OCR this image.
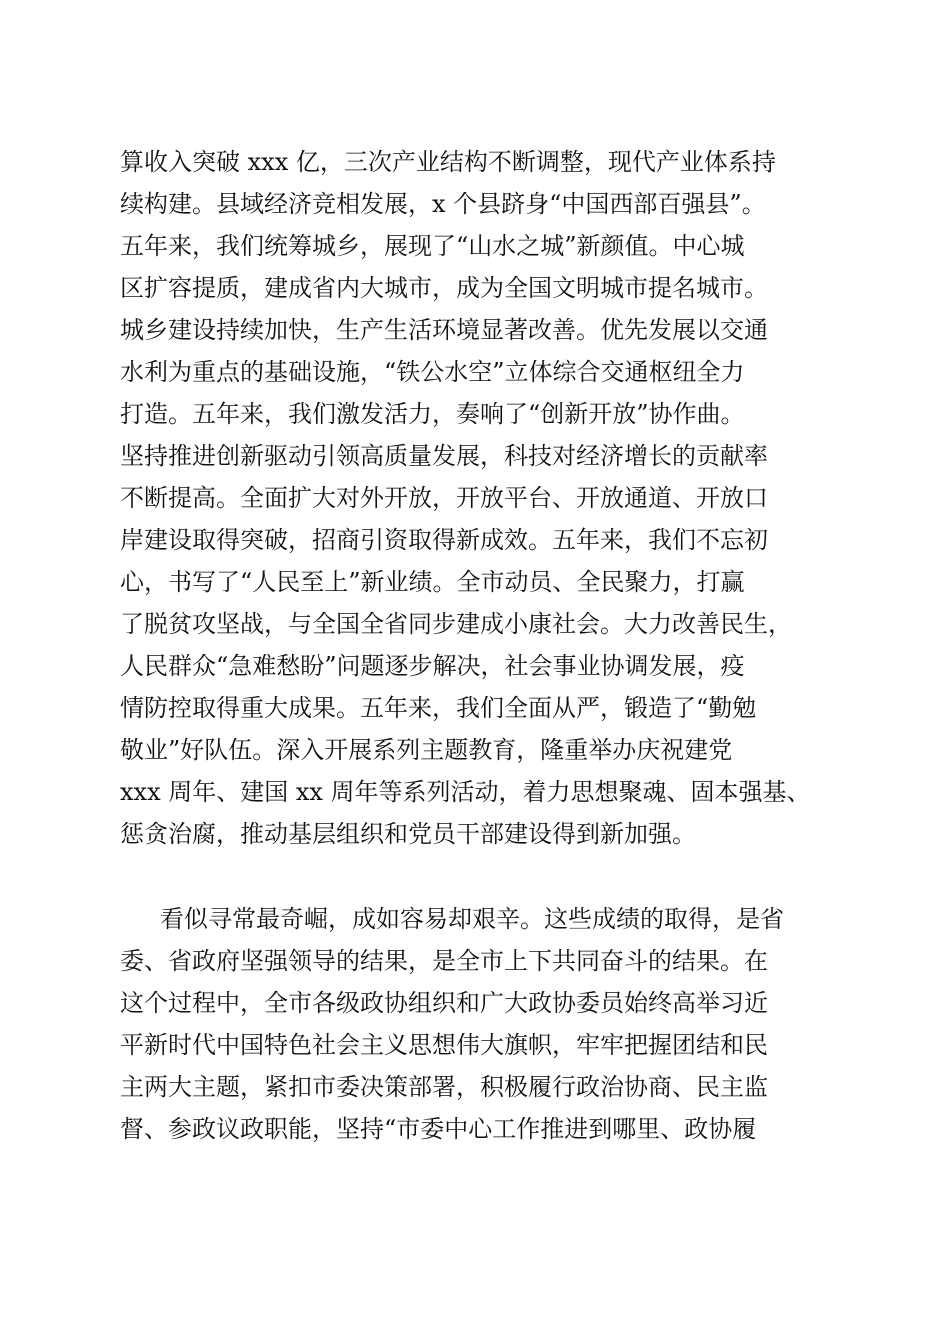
算收入突破 xxx 亿，三次产业结构不断调整，现代产业体系持
续构建。县域经济竞相发展，x 个县跻身“中国西部百强县”。
五年来，我们统筹城乡，展现了“山水之城”新颜值。中心城
区扩容提质，建成省内大城市，成为全国文明城市提名城市。
城乡建设持续加快，生产生活环境显著改善。优先发展以交通
水利为重点的基础设施，“铁公水空”立体综合交通枢纽全力
打造。五年来，我们激发活力，奏响了“创新开放”协作曲。
坚持推进创新驱动引领高质量发展，科技对经济增长的贡献率
不断提高。全面扩大对外开放，开放平台、开放通道、开放口
岸建设取得突破，招商引资取得新成效。五年来，我们不忘初
心，书写了“人民至上”新业绩。全市动员、全民聚力，打赢
了脱贫攻坚战，与全国全省同步建成小康社会。大力改善民生，
人民群众“急难愁盼”问题逐步解决，社会事业协调发展，疫
情防控取得重大成果。五年来，我们全面从严，锻造了“勤勉
敬业”好队伍。深入开展系列主题教育，隆重举办庆祝建党
xxx 周年、建国 xx 周年等系列活动，着力思想聚魂、固本强基、
惩贪治腐，推动基层组织和党员干部建设得到新加强。
看似寻常最奇崛，成如容易却艰辛。这些成绩的取得，是省
委、省政府坚强领导的结果，是全市上下共同奋斗的结果。在
这个过程中，全市各级政协组织和广大政协委员始终高举习近
平新时代中国特色社会主义思想伟大旗帜，牢牢把握团结和民
主两大主题，紧扣市委决策部署，积极履行政治协商、民主监
督、参政议政职能，坚持“市委中心工作推进到哪里、政协履
